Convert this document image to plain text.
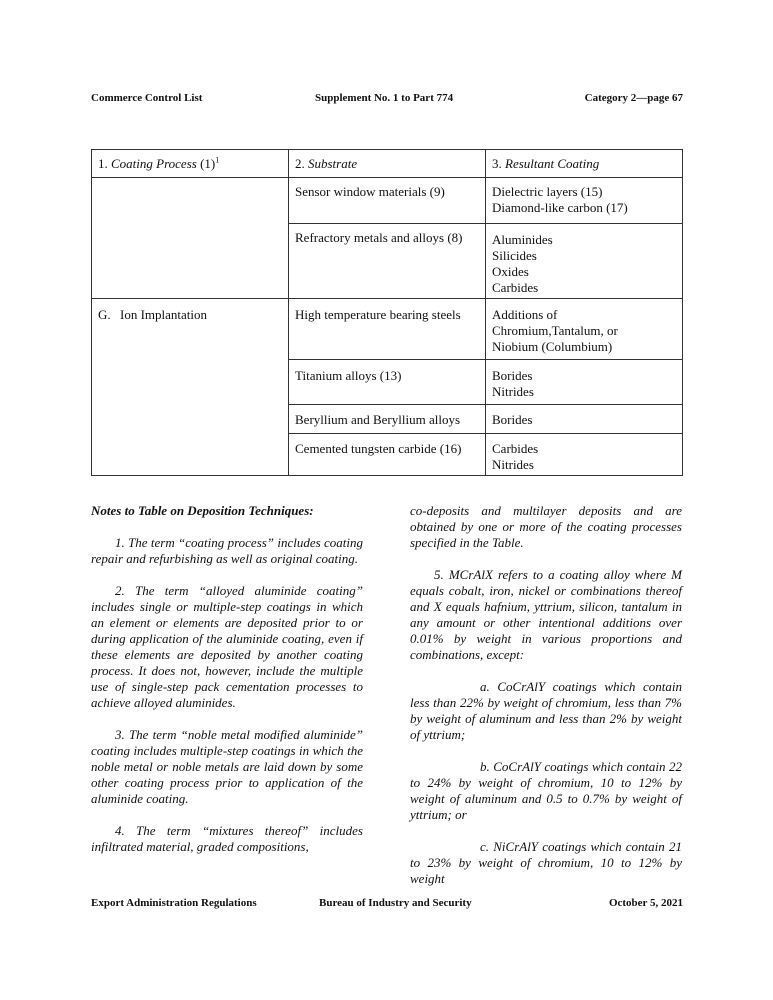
Commerce Control List	Supplement No. 1 to Part 774	Category 2—page 67
1. Coating Process $(1)^1$	2. Substrate	3. Resultant Coating
	Sensor window materials (9)	Dielectric layers (15)
Diamond-like carbon (17)

	Refractory metals and alloys (8)	Aluminides
Silicides
Oxides
Carbides

G. Ion Implantation	High temperature bearing steels	Additions of
Chromium,Tantalum, or
Niobium (Columbium)

	Titanium alloys (13)	Borides
Nitrides

	Beryllium and Beryllium alloys	Borides

	Cemented tungsten carbide (16)	Carbides
Nitrides

Notes to Table on Deposition Techniques:

1. The term “coating process” includes coating repair and refurbishing as well as original coating.

2. The term “alloyed aluminide coating” includes single or multiple-step coatings in which an element or elements are deposited prior to or during application of the aluminide coating, even if these elements are deposited by another coating process. It does not, however, include the multiple use of single-step pack cementation processes to achieve alloyed aluminides.

3. The term “noble metal modified aluminide” coating includes multiple-step coatings in which the noble metal or noble metals are laid down by some other coating process prior to application of the aluminide coating.

4. The term “mixtures thereof” includes infiltrated material, graded compositions,

co-deposits and multilayer deposits and are obtained by one or more of the coating processes specified in the Table.

5. MCrAlX refers to a coating alloy where M equals cobalt, iron, nickel or combinations thereof and X equals hafnium, yttrium, silicon, tantalum in any amount or other intentional additions over 0.01% by weight in various proportions and combinations, except:

a. CoCrAlY coatings which contain less than 22% by weight of chromium, less than 7% by weight of aluminum and less than 2% by weight of yttrium;

b. CoCrAlY coatings which contain 22 to 24% by weight of chromium, 10 to 12% by weight of aluminum and 0.5 to 0.7% by weight of yttrium; or

c. NiCrAlY coatings which contain 21 to 23% by weight of chromium, 10 to 12% by weight

Export Administration Regulations	Bureau of Industry and Security	October 5, 2021
